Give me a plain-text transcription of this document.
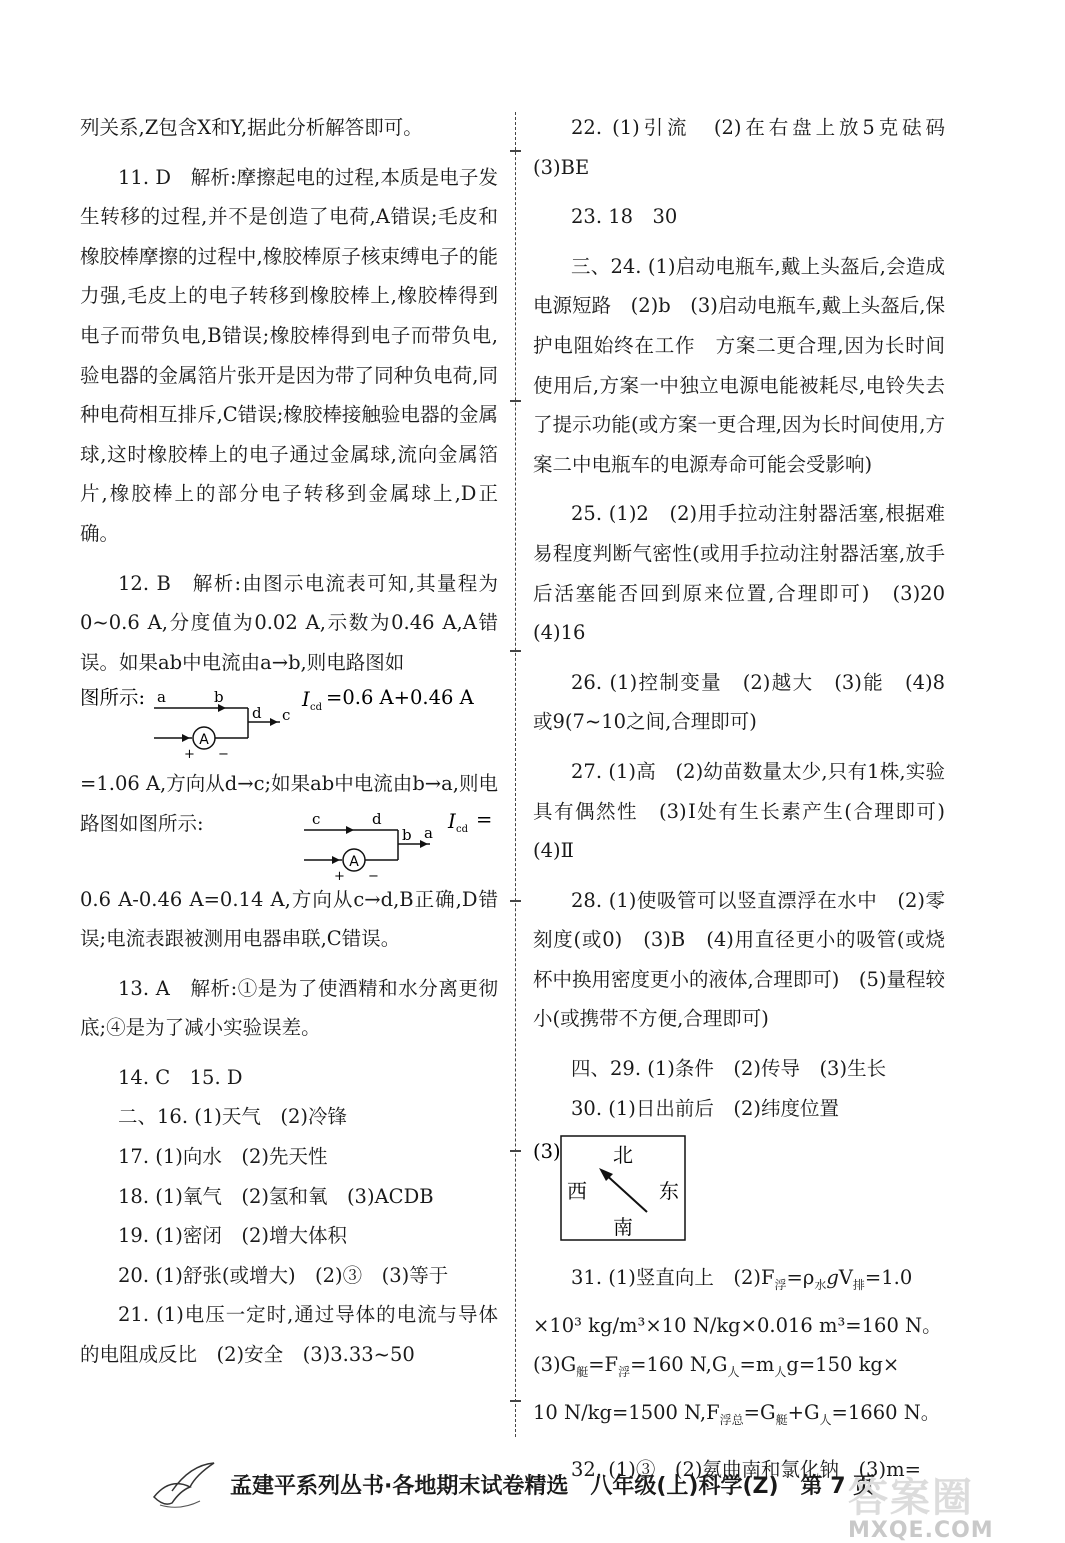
列关系,Z包含X和Y,据此分析解答即可。

11. D　解析:摩擦起电的过程,本质是电子发生转移的过程,并不是创造了电荷,A错误;毛皮和橡胶棒摩擦的过程中,橡胶棒原子核束缚电子的能力强,毛皮上的电子转移到橡胶棒上,橡胶棒得到电子而带负电,B错误;橡胶棒得到电子而带负电,验电器的金属箔片张开是因为带了同种负电荷,同种电荷相互排斥,C错误;橡胶棒接触验电器的金属球,这时橡胶棒上的电子通过金属球,流向金属箔片,橡胶棒上的部分电子转移到金属球上,D正确。

12. B　解析:由图示电流表可知,其量程为0~0.6 A,分度值为0.02 A,示数为0.46 A,A错误。如果ab中电流由a→b,则电路图如

图所示:
A
a	b
d c
+ −
I cd =0.6 A+0.46 A

=1.06 A,方向从d→c;如果ab中电流由b→a,则电路图如图所示:

A
c	d
b a
+ −
I cd =

0.6 A-0.46 A=0.14 A,方向从c→d,B正确,D错误;电流表跟被测用电器串联,C错误。

13. A　解析:①是为了使酒精和水分离更彻底;④是为了减小实验误差。

14. C　15. D

二、16. (1)天气　(2)冷锋

17. (1)向水　(2)先天性

18. (1)氧气　(2)氢和氧　(3)ACDB

19. (1)密闭　(2)增大体积

20. (1)舒张(或增大)　(2)③　(3)等于

21. (1)电压一定时,通过导体的电流与导体的电阻成反比　(2)安全　(3)3.33~50

22. (1)引流　(2)在右盘上放5克砝码　(3)BE

23. 18　30

三、24. (1)启动电瓶车,戴上头盔后,会造成电源短路　(2)b　(3)启动电瓶车,戴上头盔后,保护电阻始终在工作　方案二更合理,因为长时间使用后,方案一中独立电源电能被耗尽,电铃失去了提示功能(或方案一更合理,因为长时间使用,方案二中电瓶车的电源寿命可能会受影响)

25. (1)2　(2)用手拉动注射器活塞,根据难易程度判断气密性(或用手拉动注射器活塞,放手后活塞能否回到原来位置,合理即可)　(3)20　(4)16

26. (1)控制变量　(2)越大　(3)能　(4)8或9(7~10之间,合理即可)

27. (1)高　(2)幼苗数量太少,只有1株,实验具有偶然性　(3)Ⅰ处有生长素产生(合理即可)　(4)Ⅱ

28. (1)使吸管可以竖直漂浮在水中　(2)零刻度(或0)　(3)B　(4)用直径更小的吸管(或烧杯中换用密度更小的液体,合理即可)　(5)量程较小(或携带不方便,合理即可)

四、29. (1)条件　(2)传导　(3)生长

30. (1)日出前后　(2)纬度位置

(3)	北
南
西	东

31. (1)竖直向上　$(2)F_浮=\rho_水gV_排=1.0$

×10³ kg/m³×10 N/kg×0.016 m³=160 N。

$(3)G_艇=F_浮=160$ $N,G_人=m_人g=150$ kg×

10 N/kg=1500 $N,F_{浮总}=G_艇+G_人=1660$ N。

32. (1)③　(2)氨曲南和氯化钠　(3)m=

孟建平系列丛书·各地期末试卷精选　八年级(上)科学(Z)　第 7 页
答案圈
MXQE.COM
